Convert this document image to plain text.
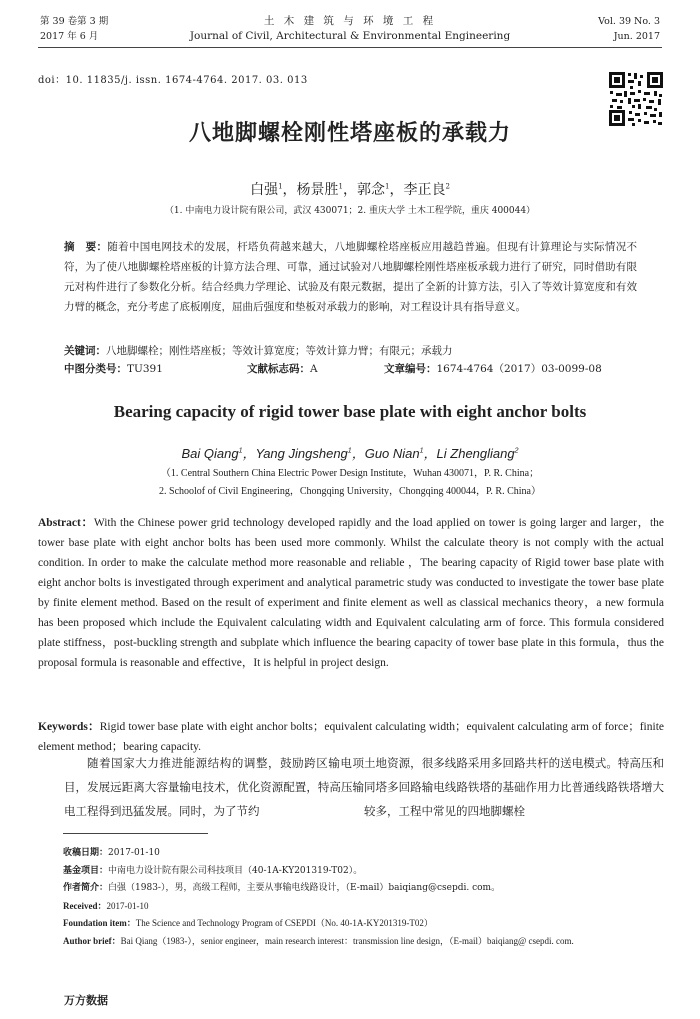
第 39 卷第 3 期
2017 年 6 月
土 木 建 筑 与 环 境 工 程
Journal of Civil, Architectural & Environmental Engineering
Vol. 39 No. 3
Jun. 2017
doi：10. 11835/j. issn. 1674-4764. 2017. 03. 013
八地脚螺栓刚性塔座板的承载力
白强$^1$，杨景胜$^1$，郭念$^1$，李正良$^2$
（1. 中南电力设计院有限公司，武汉 430071；2. 重庆大学 土木工程学院，重庆 400044）
摘　要：随着中国电网技术的发展，杆塔负荷越来越大，八地脚螺栓塔座板应用越趋普遍。但现有计算理论与实际情况不符，为了使八地脚螺栓塔座板的计算方法合理、可靠，通过试验对八地脚螺栓刚性塔座板承载力进行了研究，同时借助有限元对构件进行了参数化分析。结合经典力学理论、试验及有限元数据，提出了全新的计算方法，引入了等效计算宽度和有效力臂的概念，充分考虑了底板刚度，屈曲后强度和垫板对承载力的影响，对工程设计具有指导意义。
关键词：八地脚螺栓；刚性塔座板；等效计算宽度；等效计算力臂；有限元；承载力
中图分类号：TU391	文献标志码：A	文章编号：1674-4764（2017）03-0099-08
Bearing capacity of rigid tower base plate with eight anchor bolts
Bai Qiang$^1$，Yang Jingsheng$^1$，Guo Nian$^1$，Li Zhengliang$^2$
（1. Central Southern China Electric Power Design Institute，Wuhan 430071，P. R. China；
2. Schoolof of Civil Engineering，Chongqing University，Chongqing 400044，P. R. China）
Abstract：With the Chinese power grid technology developed rapidly and the load applied on tower is going larger and larger，the tower base plate with eight anchor bolts has been used more commonly. Whilst the calculate theory is not comply with the actual condition. In order to make the calculate method more reasonable and reliable ，The bearing capacity of Rigid tower base plate with eight anchor bolts is investigated through experiment and analytical parametric study was conducted to investigate the tower base plate by finite element method. Based on the result of experiment and finite element as well as classical mechanics theory，a new formula has been proposed which include the Equivalent calculating width and Equivalent calculating arm of force. This formula considered plate stiffness，post-buckling strength and subplate which influence the bearing capacity of tower base plate in this formula，thus the proposal formula is reasonable and effective，It is helpful in project design.
Keywords：Rigid tower base plate with eight anchor bolts；equivalent calculating width；equivalent calculating arm of force；finite element method；bearing capacity.
随着国家大力推进能源结构的调整，鼓励跨区输电项目，发展远距离大容量输电技术，优化资源配置，特高压输电工程得到迅猛发展。同时，为了节约
土地资源，很多线路采用多回路共杆的送电模式。特高压和同塔多回路输电线路铁塔的基础作用力比普通线路铁塔增大较多，工程中常见的四地脚螺栓
收稿日期：2017-01-10
基金项目：中南电力设计院有限公司科技项目（40-1A-KY201319-T02）。
作者简介：白强（1983-），男，高级工程师，主要从事输电线路设计，（E-mail）baiqiang@csepdi. com。
Received：2017-01-10
Foundation item：The Science and Technology Program of CSEPDI（No. 40-1A-KY201319-T02）
Author brief：Bai Qiang（1983-），senior engineer，main research interest：transmission line design，（E-mail）baiqiang@ csepdi. com.
万方数据
